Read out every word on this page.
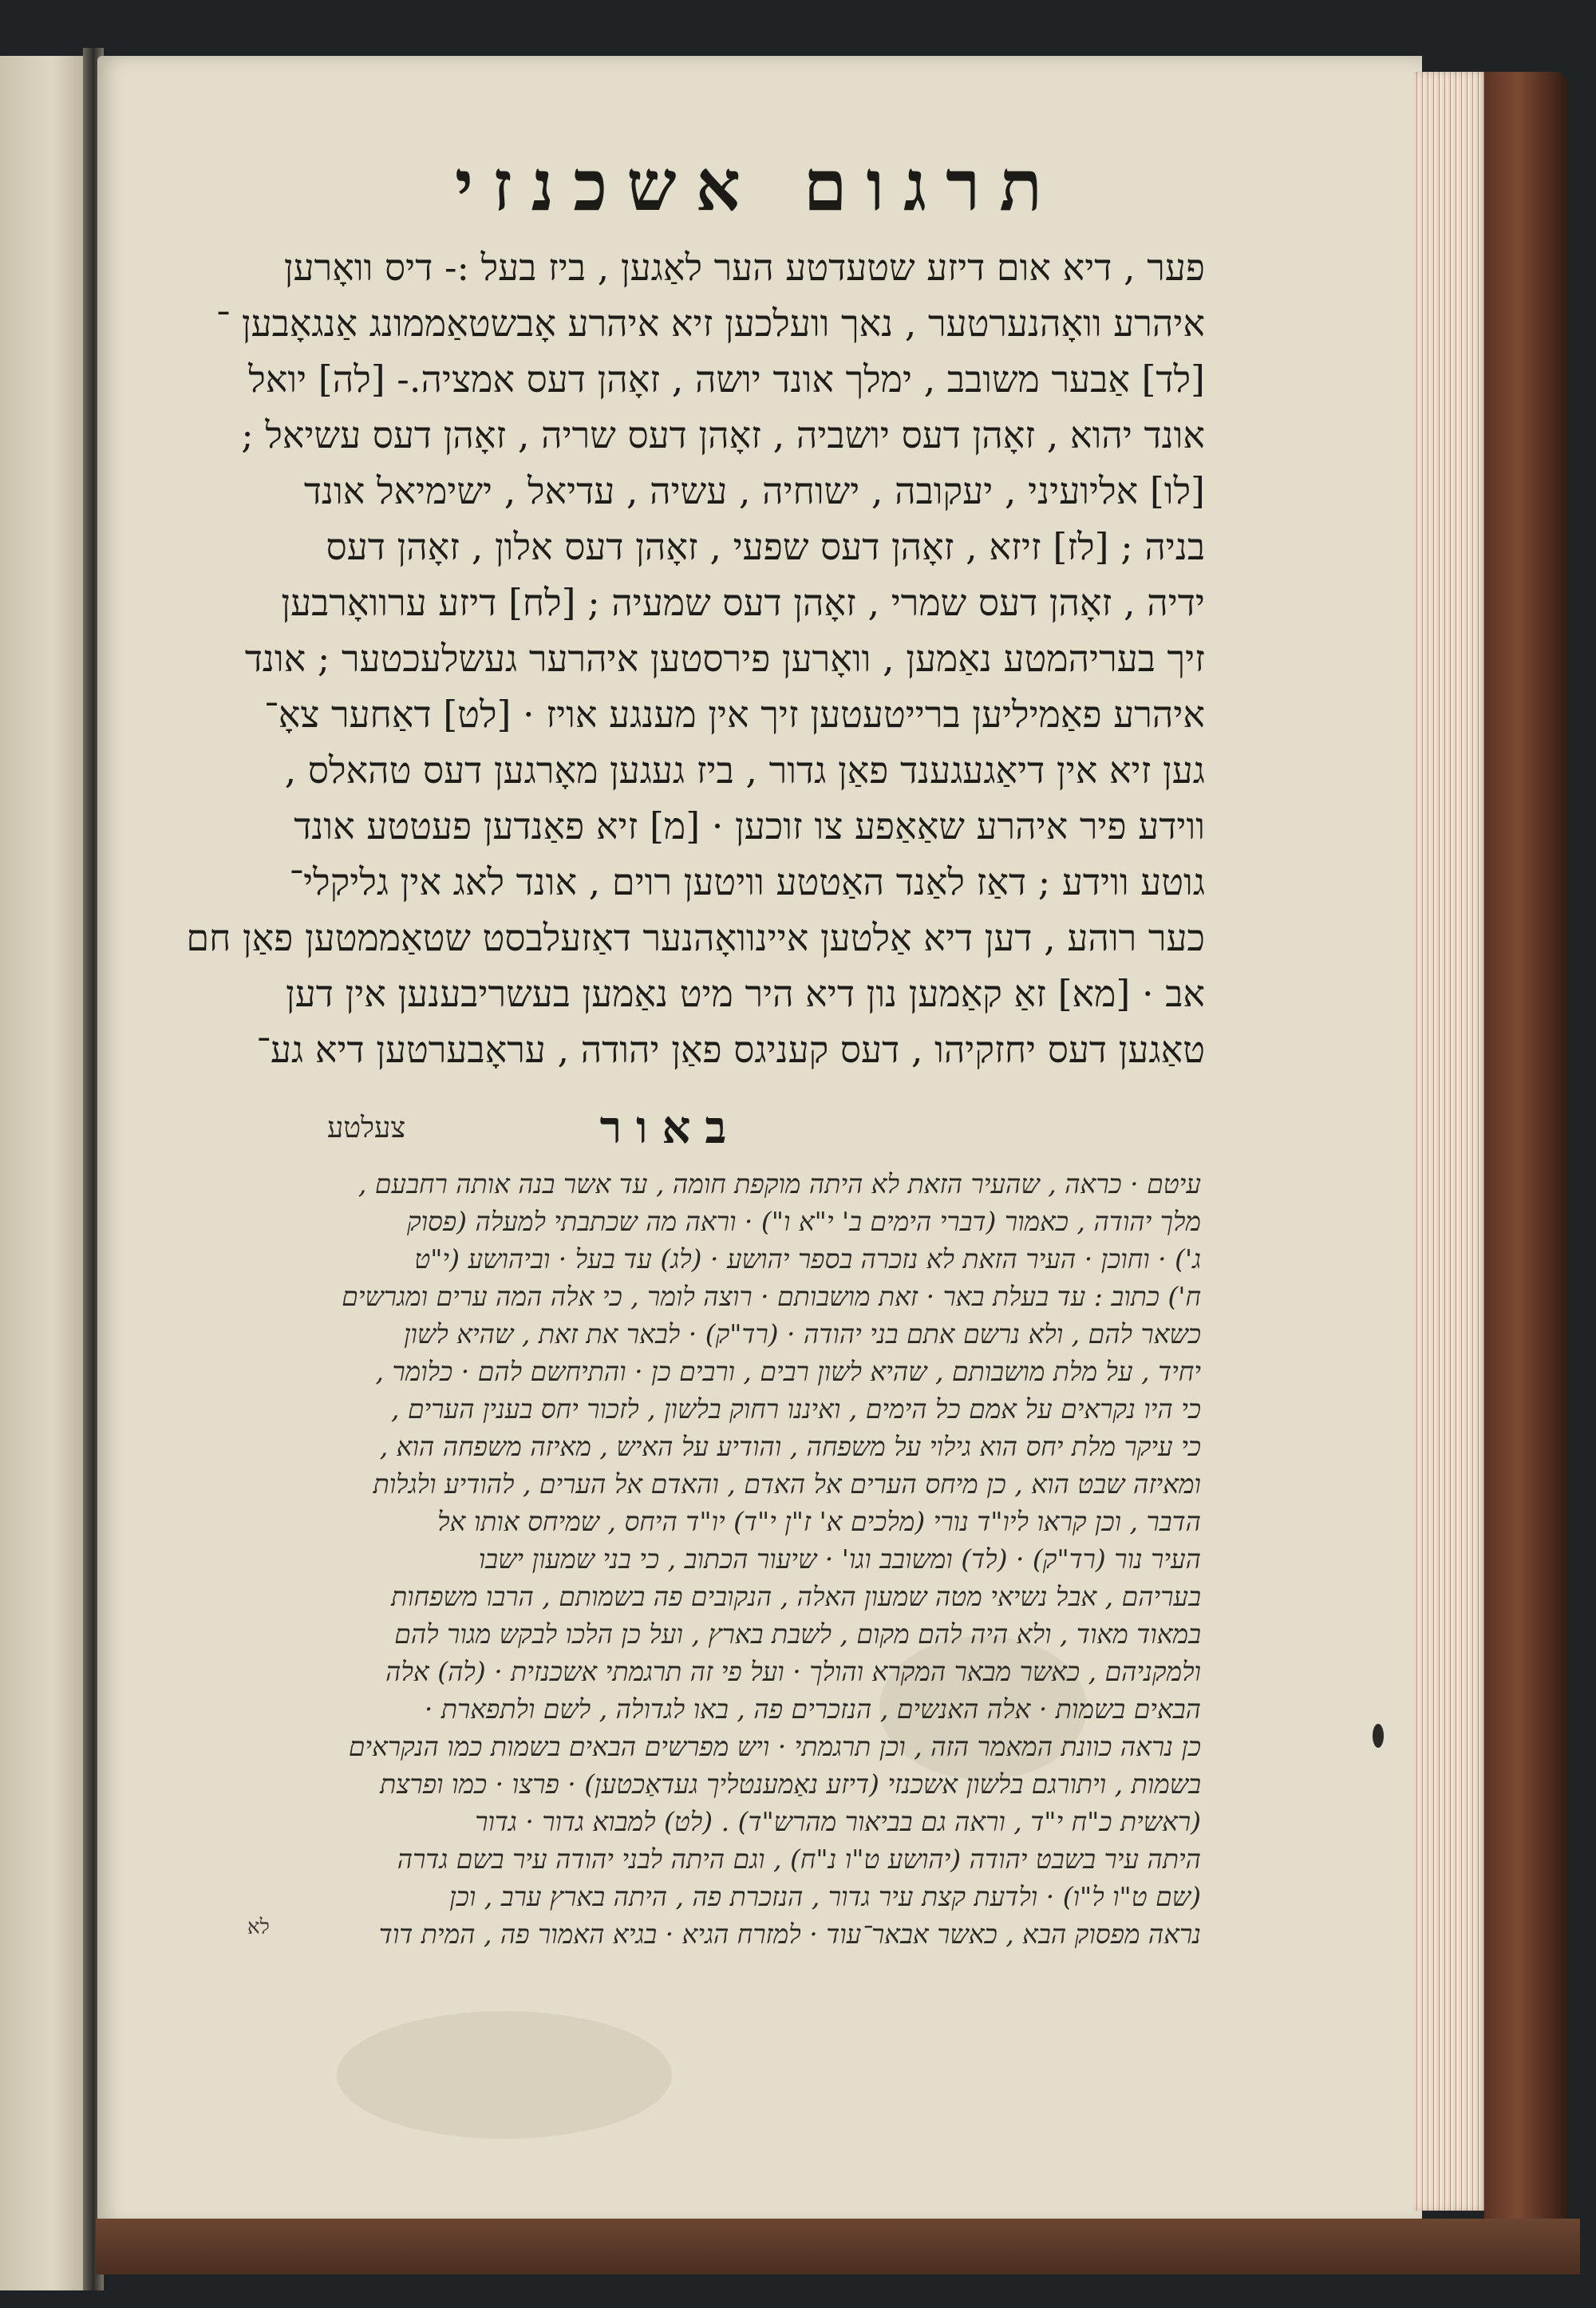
תרגום אשכנזי
פער , דיא אום דיזע שטעדטע הער לאַגען , ביז בעל :- דיס וואָרען
איהרע וואָהנערטער , נאך וועלכען זיא איהרע אָבשטאַממונג אַנגאָבען ־
[לד] אַבער משובב , ימלך אונד יושה , זאָהן דעס אמציה.- [לה] יואל
אונד יהוא , זאָהן דעס יושביה , זאָהן דעס שריה , זאָהן דעס עשיאל ;
[לו] אליועיני , יעקובה , ישוחיה , עשיה , עדיאל , ישימיאל אונד
בניה ; [לז] זיזא , זאָהן דעס שפעי , זאָהן דעס אלון , זאָהן דעס
ידיה , זאָהן דעס שמרי , זאָהן דעס שמעיה ; [לח] דיזע ערוואָרבען
זיך בעריהמטע נאַמען , וואָרען פירסטען איהרער געשלעכטער ; אונד
איהרע פאַמיליען ברייטעטען זיך אין מענגע אויז · [לט] דאַחער צאָ־
גען זיא אין דיאַגעגענד פאַן גדור , ביז געגען מאָרגען דעס טהאלס ,
ווידע פיר איהרע שאַאַפע צו זוכען · [מ] זיא פאַנדען פעטטע אונד
גוטע ווידע ; דאַז לאַנד האַטטע וויטען רוים , אונד לאג אין גליקלי־
כער רוהע , דען דיא אַלטען איינוואָהנער דאַזעלבסט שטאַממטען פאַן חם
אב · [מא] זאַ קאַמען נון דיא היר מיט נאַמען בעשריבענען אין דען
טאַגען דעס יחזקיהו , דעס קעניגס פאַן יהודה , עראָבערטען דיא גע־
באור
צעלטע
עיטם · כראה , שהעיר הזאת לא היתה מוקפת חומה , עד אשר בנה אותה רחבעם ,
מלך יהודה , כאמור (דברי הימים ב' י"א ו") · וראה מה שכתבתי למעלה (פסוק
ג') · וחוכן · העיר הזאת לא נזכרה בספר יהושע · (לג) עד בעל · וביהושע (י"ט
ח') כתוב : עד בעלת באר · זאת מושבותם · רוצה לומר , כי אלה המה ערים ומגרשים
כשאר להם , ולא נרשם אתם בני יהודה · (רד"ק) · לבאר את זאת , שהיא לשון
יחיד , על מלת מושבותם , שהיא לשון רבים , ורבים כן · והתיחשם להם · כלומר ,
כי היו נקראים על אמם כל הימים , ואיננו רחוק בלשון , לזכור יחס בענין הערים ,
כי עיקר מלת יחס הוא גילוי על משפחה , והודיע על האיש , מאיזה משפחה הוא ,
ומאיזה שבט הוא , כן מיחס הערים אל האדם , והאדם אל הערים , להודיע ולגלות
הדבר , וכן קראו ליו"ד נורי (מלכים א' ז"ן י"ד) יו"ד היחס , שמיחס אותו אל
העיר נור (רד"ק) · (לד) ומשובב וגו' · שיעור הכתוב , כי בני שמעון ישבו
בעריהם , אבל נשיאי מטה שמעון האלה , הנקובים פה בשמותם , הרבו משפחות
במאוד מאוד , ולא היה להם מקום , לשבת בארץ , ועל כן הלכו לבקש מגור להם
ולמקניהם , כאשר מבאר המקרא והולך · ועל פי זה תרגמתי אשכנזית · (לה) אלה
הבאים בשמות · אלה האנשים , הנזכרים פה , באו לגדולה , לשם ולתפארת ·
כן נראה כוונת המאמר הזה , וכן תרגמתי · ויש מפרשים הבאים בשמות כמו הנקראים
בשמות , ויתורגם בלשון אשכנזי (דיזע נאַמענטליך געדאַכטען) · פרצו · כמו ופרצת
(ראשית כ"ח י"ד , וראה גם בביאור מהרש"ד) . (לט) למבוא גדור · גדור
היתה עיר בשבט יהודה (יהושע ט"ו נ"ח) , וגם היתה לבני יהודה עיר בשם גדרה
(שם ט"ו ל"ו) · ולדעת קצת עיר גדור , הנזכרת פה , היתה בארץ ערב , וכן
נראה מפסוק הבא , כאשר אבאר־עוד · למזרח הגיא · בגיא האמור פה , המית דוד
לא
